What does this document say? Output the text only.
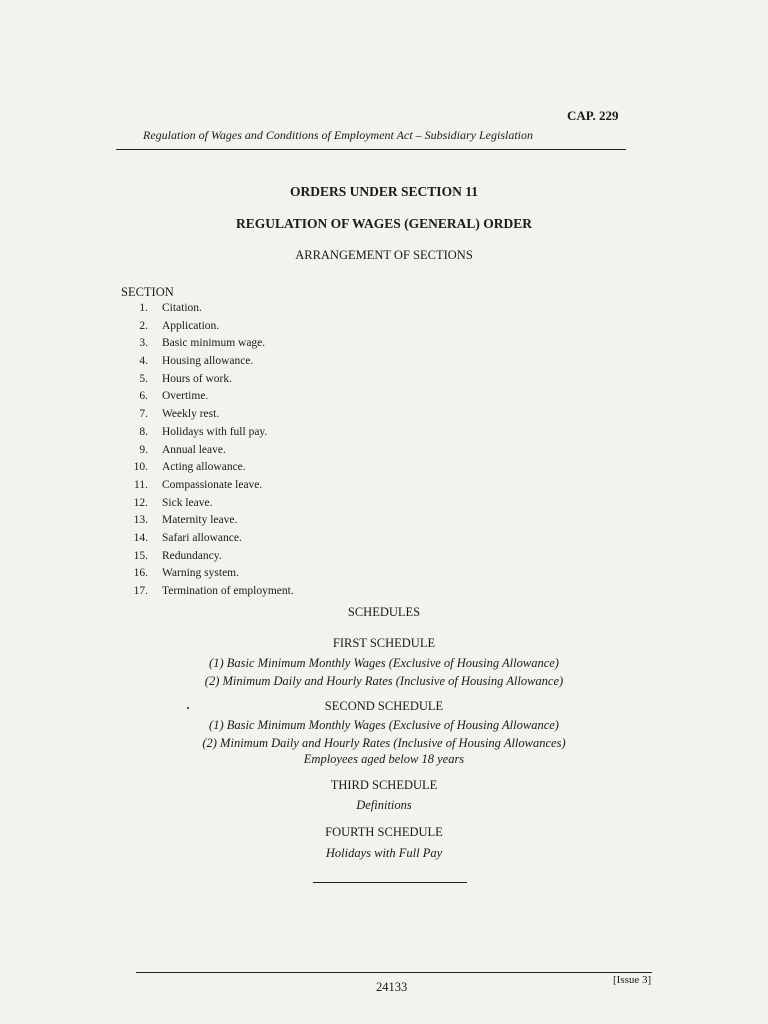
CAP. 229
Regulation of Wages and Conditions of Employment Act – Subsidiary Legislation
ORDERS UNDER SECTION 11
REGULATION OF WAGES (GENERAL) ORDER
ARRANGEMENT OF SECTIONS
SECTION
1. Citation.
2. Application.
3. Basic minimum wage.
4. Housing allowance.
5. Hours of work.
6. Overtime.
7. Weekly rest.
8. Holidays with full pay.
9. Annual leave.
10. Acting allowance.
11. Compassionate leave.
12. Sick leave.
13. Maternity leave.
14. Safari allowance.
15. Redundancy.
16. Warning system.
17. Termination of employment.
SCHEDULES
FIRST SCHEDULE
(1) Basic Minimum Monthly Wages (Exclusive of Housing Allowance)
(2) Minimum Daily and Hourly Rates (Inclusive of Housing Allowance)
SECOND SCHEDULE
(1) Basic Minimum Monthly Wages (Exclusive of Housing Allowance)
(2) Minimum Daily and Hourly Rates (Inclusive of Housing Allowances)
Employees aged below 18 years
THIRD SCHEDULE
Definitions
FOURTH SCHEDULE
Holidays with Full Pay
24133	[Issue 3]
